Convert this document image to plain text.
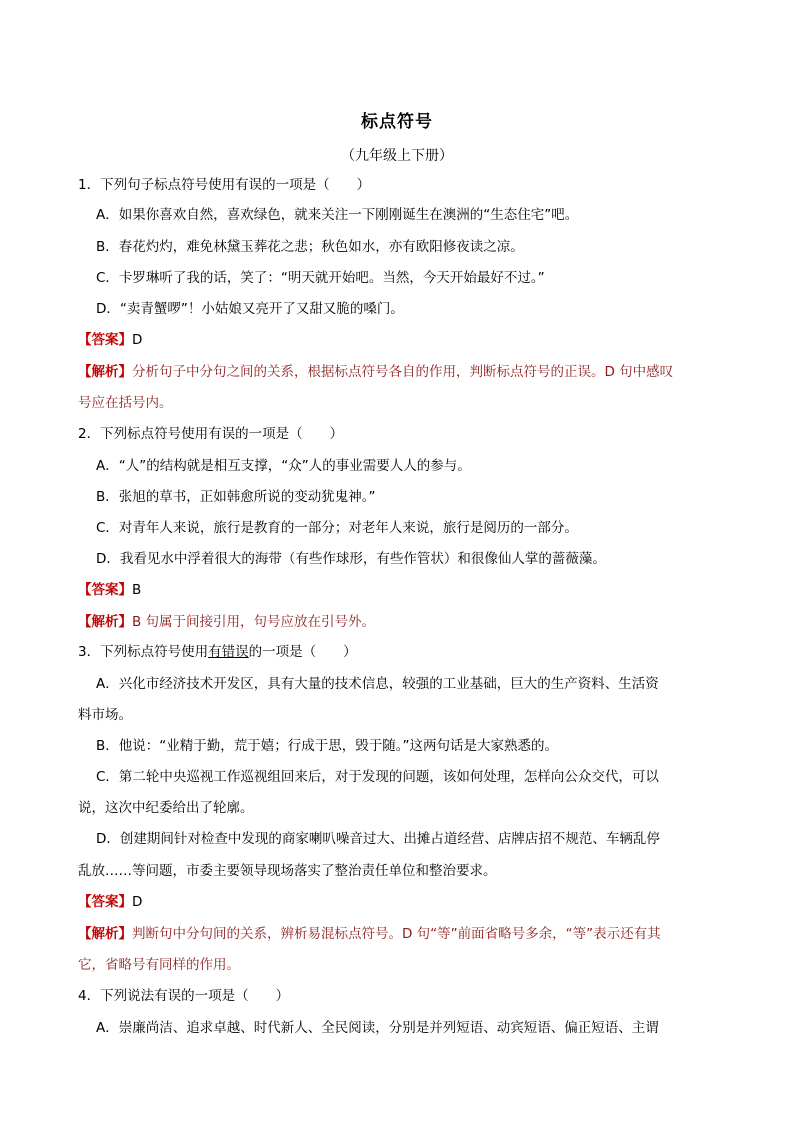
标点符号
（九年级上下册）
1．下列句子标点符号使用有误的一项是（　　）
A．如果你喜欢自然，喜欢绿色，就来关注一下刚刚诞生在澳洲的“生态住宅”吧。
B．春花灼灼，难免林黛玉葬花之悲；秋色如水，亦有欧阳修夜读之凉。
C．卡罗琳听了我的话，笑了：“明天就开始吧。当然，今天开始最好不过。”
D．“卖青蟹啰”！小姑娘又亮开了又甜又脆的嗓门。
【答案】D
【解析】分析句子中分句之间的关系，根据标点符号各自的作用，判断标点符号的正误。D 句中感叹
号应在括号内。
2．下列标点符号使用有误的一项是（　　）
A．“人”的结构就是相互支撑，“众”人的事业需要人人的参与。
B．张旭的草书，正如韩愈所说的变动犹鬼神。”
C．对青年人来说，旅行是教育的一部分；对老年人来说，旅行是阅历的一部分。
D．我看见水中浮着很大的海带（有些作球形，有些作管状）和很像仙人掌的蔷薇藻。
【答案】B
【解析】B 句属于间接引用，句号应放在引号外。
3．下列标点符号使用有错误的一项是（　　）
A．兴化市经济技术开发区，具有大量的技术信息，较强的工业基础，巨大的生产资料、生活资
料市场。
B．他说：“业精于勤，荒于嬉；行成于思，毁于随。”这两句话是大家熟悉的。
C．第二轮中央巡视工作巡视组回来后，对于发现的问题，该如何处理，怎样向公众交代，可以
说，这次中纪委给出了轮廓。
D．创建期间针对检查中发现的商家喇叭噪音过大、出摊占道经营、店牌店招不规范、车辆乱停
乱放……等问题，市委主要领导现场落实了整治责任单位和整治要求。
【答案】D
【解析】判断句中分句间的关系，辨析易混标点符号。D 句“等”前面省略号多余，“等”表示还有其
它，省略号有同样的作用。
4．下列说法有误的一项是（　　）
A．崇廉尚洁、追求卓越、时代新人、全民阅读，分别是并列短语、动宾短语、偏正短语、主谓
